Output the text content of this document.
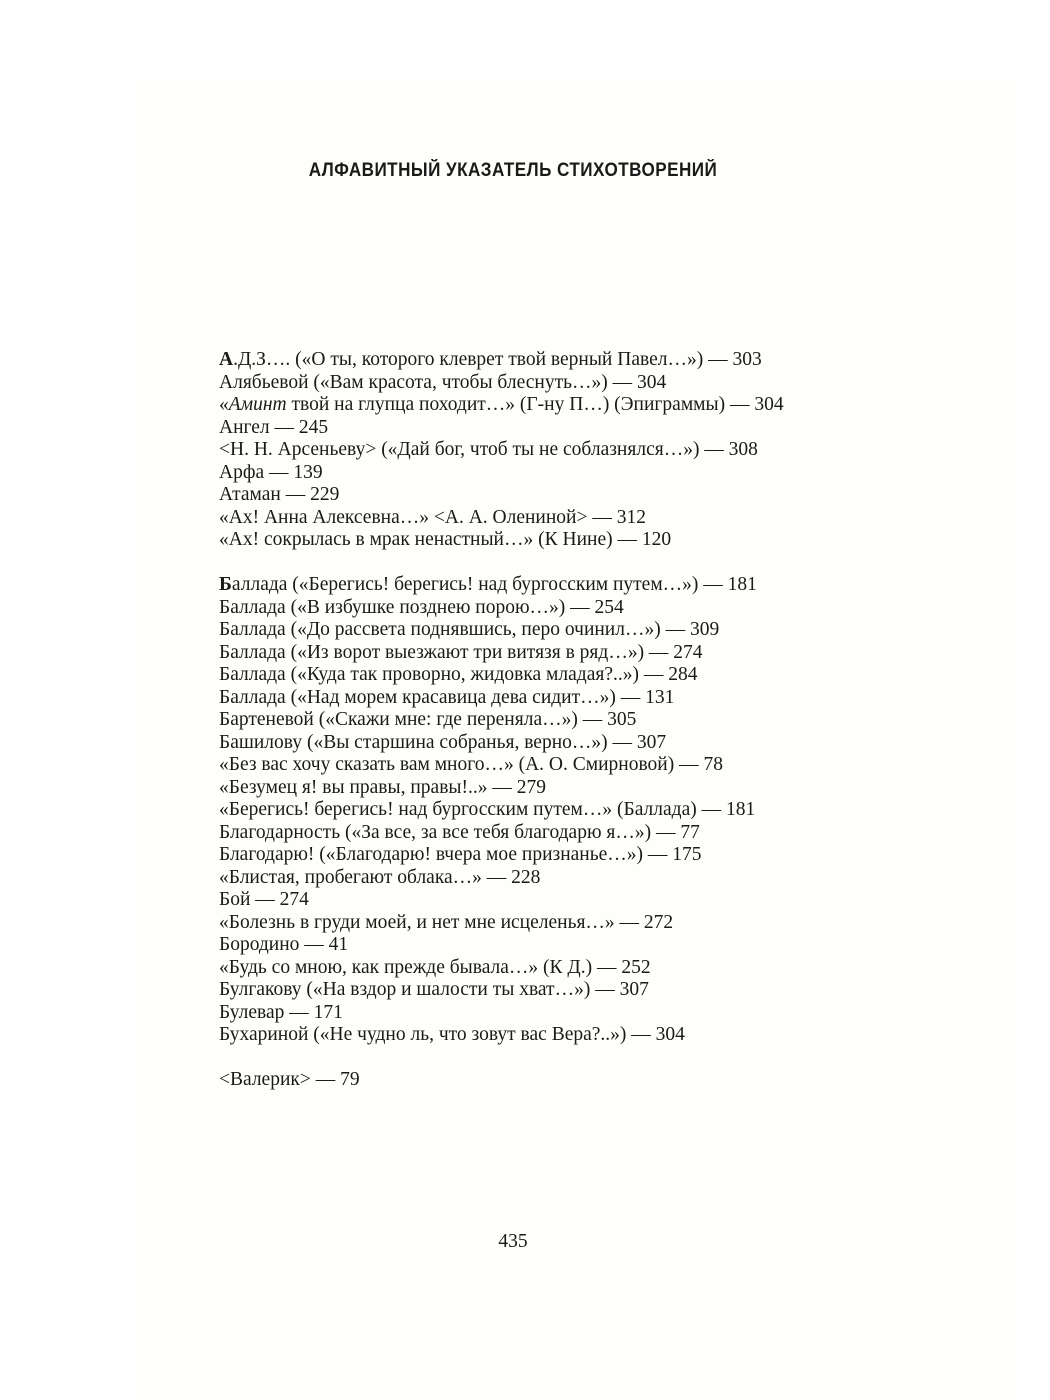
АЛФАВИТНЫЙ УКАЗАТЕЛЬ СТИХОТВОРЕНИЙ
А.Д.З…. («О ты, которого клеврет твой верный Павел…») — 303
Алябьевой («Вам красота, чтобы блеснуть…») — 304
«Аминт твой на глупца походит…» (Г-ну П…) (Эпиграммы) — 304
Ангел — 245
<Н. Н. Арсеньеву> («Дай бог, чтоб ты не соблазнялся…») — 308
Арфа — 139
Атаман — 229
«Ах! Анна Алексевна…» <А. А. Олениной> — 312
«Ах! сокрылась в мрак ненастный…» (К Нине) — 120
Баллада («Берегись! берегись! над бургосским путем…») — 181
Баллада («В избушке позднею порою…») — 254
Баллада («До рассвета поднявшись, перо очинил…») — 309
Баллада («Из ворот выезжают три витязя в ряд…») — 274
Баллада («Куда так проворно, жидовка младая?..») — 284
Баллада («Над морем красавица дева сидит…») — 131
Бартеневой («Скажи мне: где переняла…») — 305
Башилову («Вы старшина собранья, верно…») — 307
«Без вас хочу сказать вам много…» (А. О. Смирновой) — 78
«Безумец я! вы правы, правы!..» — 279
«Берегись! берегись! над бургосским путем…» (Баллада) — 181
Благодарность («За все, за все тебя благодарю я…») — 77
Благодарю! («Благодарю! вчера мое признанье…») — 175
«Блистая, пробегают облака…» — 228
Бой — 274
«Болезнь в груди моей, и нет мне исцеленья…» — 272
Бородино — 41
«Будь со мною, как прежде бывала…» (К Д.) — 252
Булгакову («На вздор и шалости ты хват…») — 307
Булевар — 171
Бухариной («Не чудно ль, что зовут вас Вера?..») — 304
<Валерик> — 79
435
